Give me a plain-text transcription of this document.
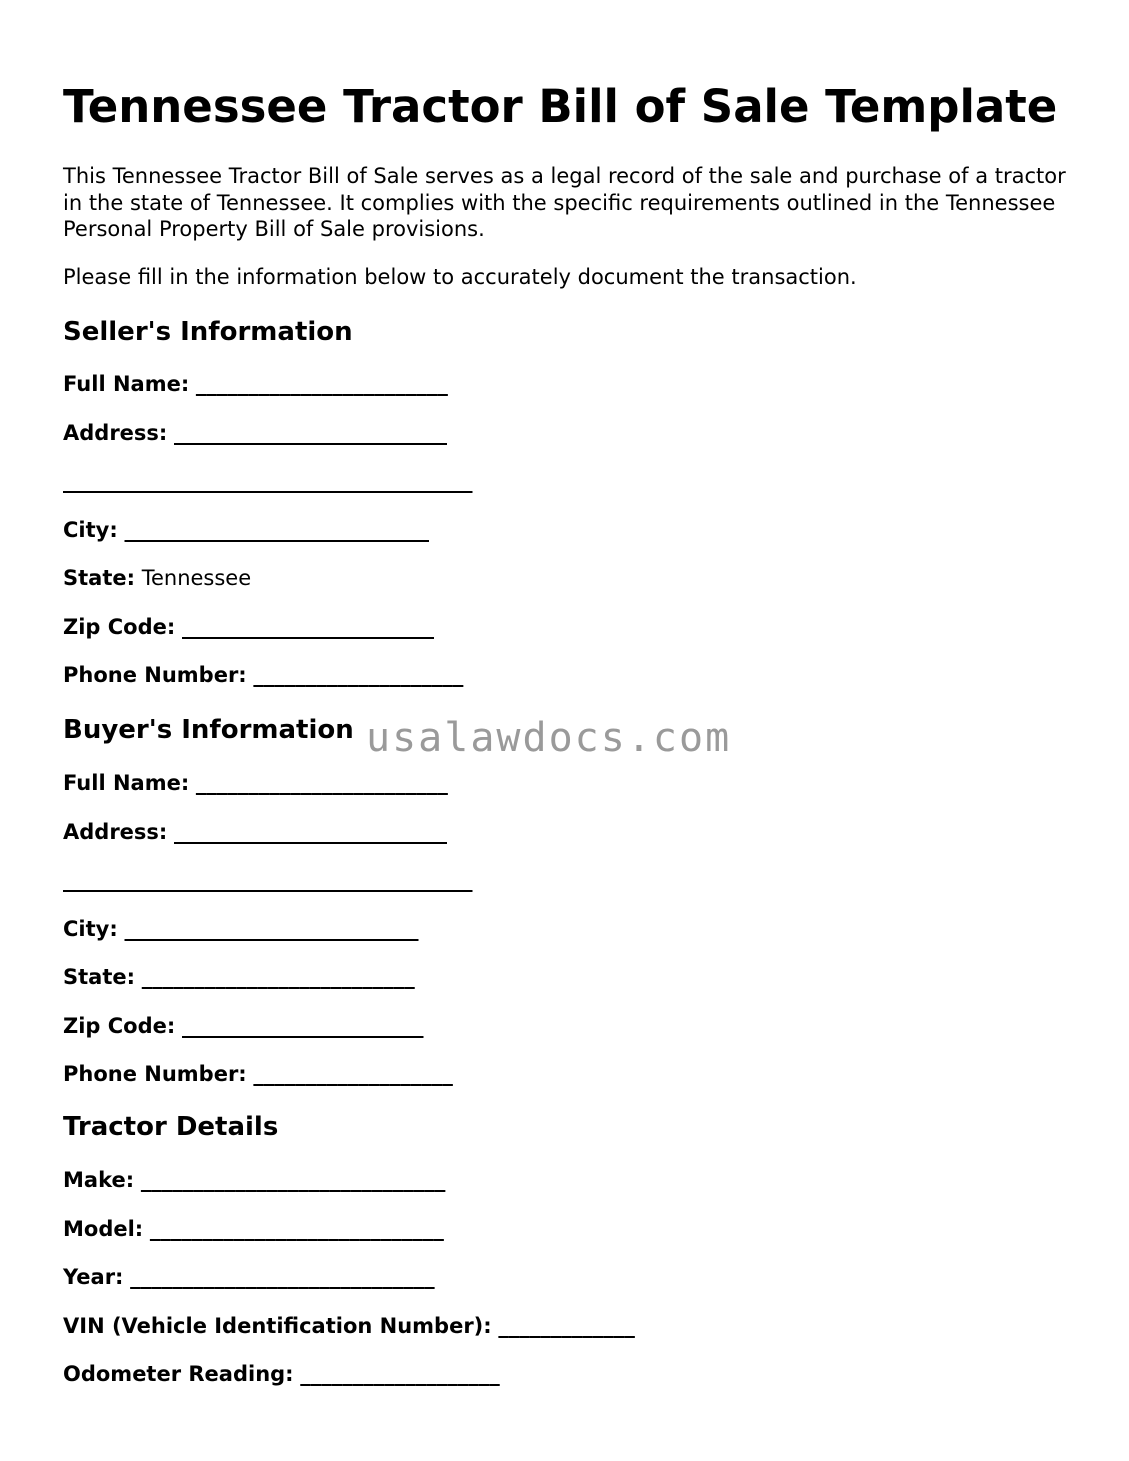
Tennessee Tractor Bill of Sale Template

This Tennessee Tractor Bill of Sale serves as a legal record of the sale and purchase of a tractor in the state of Tennessee. It complies with the specific requirements outlined in the Tennessee Personal Property Bill of Sale provisions.

Please fill in the information below to accurately document the transaction.

Seller's Information

Full Name: ________________________

Address: __________________________

_______________________________________

City: _____________________________

State: Tennessee

Zip Code: ________________________

Phone Number: ____________________

Buyer's Information

Full Name: ________________________

Address: __________________________

_______________________________________

City: ____________________________

State: __________________________

Zip Code: _______________________

Phone Number: ___________________

Tractor Details

Make: _____________________________

Model: ____________________________

Year: _____________________________

VIN (Vehicle Identification Number): _____________

Odometer Reading: ___________________

usalawdocs.com
